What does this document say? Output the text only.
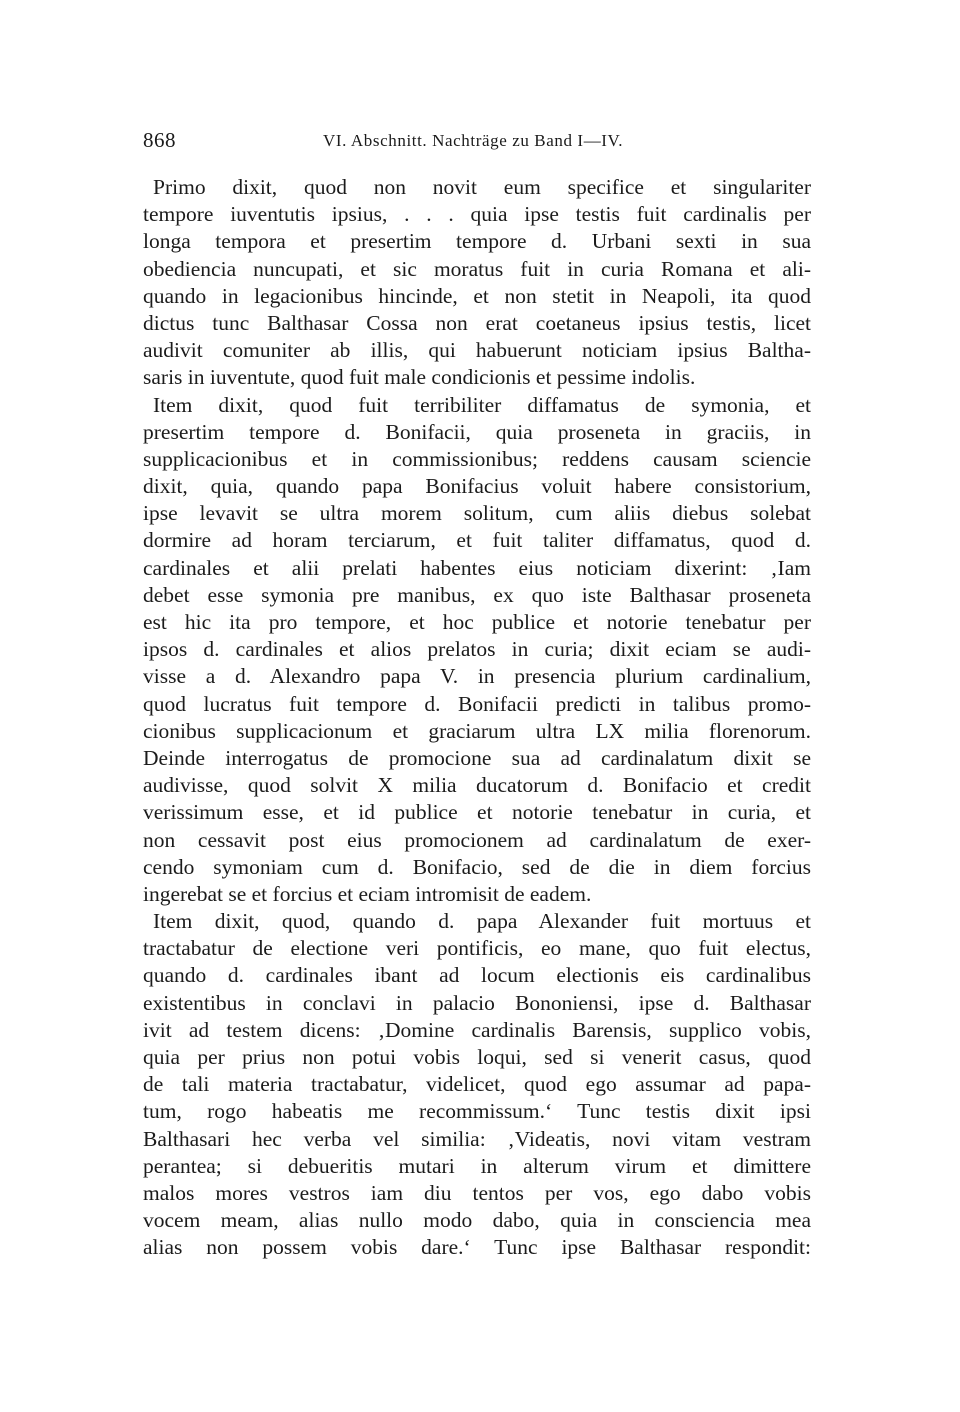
868	VI. Abschnitt. Nachträge zu Band I—IV.
Primo dixit, quod non novit eum specifice et singulariter
tempore iuventutis ipsius, . . . quia ipse testis fuit cardinalis per
longa tempora et presertim tempore d. Urbani sexti in sua
obediencia nuncupati, et sic moratus fuit in curia Romana et ali-
quando in legacionibus hincinde, et non stetit in Neapoli, ita quod
dictus tunc Balthasar Cossa non erat coetaneus ipsius testis, licet
audivit comuniter ab illis, qui habuerunt noticiam ipsius Baltha-
saris in iuventute, quod fuit male condicionis et pessime indolis.
Item dixit, quod fuit terribiliter diffamatus de symonia, et
presertim tempore d. Bonifacii, quia proseneta in graciis, in
supplicacionibus et in commissionibus; reddens causam sciencie
dixit, quia, quando papa Bonifacius voluit habere consistorium,
ipse levavit se ultra morem solitum, cum aliis diebus solebat
dormire ad horam terciarum, et fuit taliter diffamatus, quod d.
cardinales et alii prelati habentes eius noticiam dixerint: ‚Iam
debet esse symonia pre manibus, ex quo iste Balthasar proseneta
est hic ita pro tempore, et hoc publice et notorie tenebatur per
ipsos d. cardinales et alios prelatos in curia; dixit eciam se audi-
visse a d. Alexandro papa V. in presencia plurium cardinalium,
quod lucratus fuit tempore d. Bonifacii predicti in talibus promo-
cionibus supplicacionum et graciarum ultra LX milia florenorum.
Deinde interrogatus de promocione sua ad cardinalatum dixit se
audivisse, quod solvit X milia ducatorum d. Bonifacio et credit
verissimum esse, et id publice et notorie tenebatur in curia, et
non cessavit post eius promocionem ad cardinalatum de exer-
cendo symoniam cum d. Bonifacio, sed de die in diem forcius
ingerebat se et forcius et eciam intromisit de eadem.
Item dixit, quod, quando d. papa Alexander fuit mortuus et
tractabatur de electione veri pontificis, eo mane, quo fuit electus,
quando d. cardinales ibant ad locum electionis eis cardinalibus
existentibus in conclavi in palacio Bononiensi, ipse d. Balthasar
ivit ad testem dicens: ‚Domine cardinalis Barensis, supplico vobis,
quia per prius non potui vobis loqui, sed si venerit casus, quod
de tali materia tractabatur, videlicet, quod ego assumar ad papa-
tum, rogo habeatis me recommissum.‘ Tunc testis dixit ipsi
Balthasari hec verba vel similia: ‚Videatis, novi vitam vestram
perantea; si debueritis mutari in alterum virum et dimittere
malos mores vestros iam diu tentos per vos, ego dabo vobis
vocem meam, alias nullo modo dabo, quia in consciencia mea
alias non possem vobis dare.‘ Tunc ipse Balthasar respondit:
